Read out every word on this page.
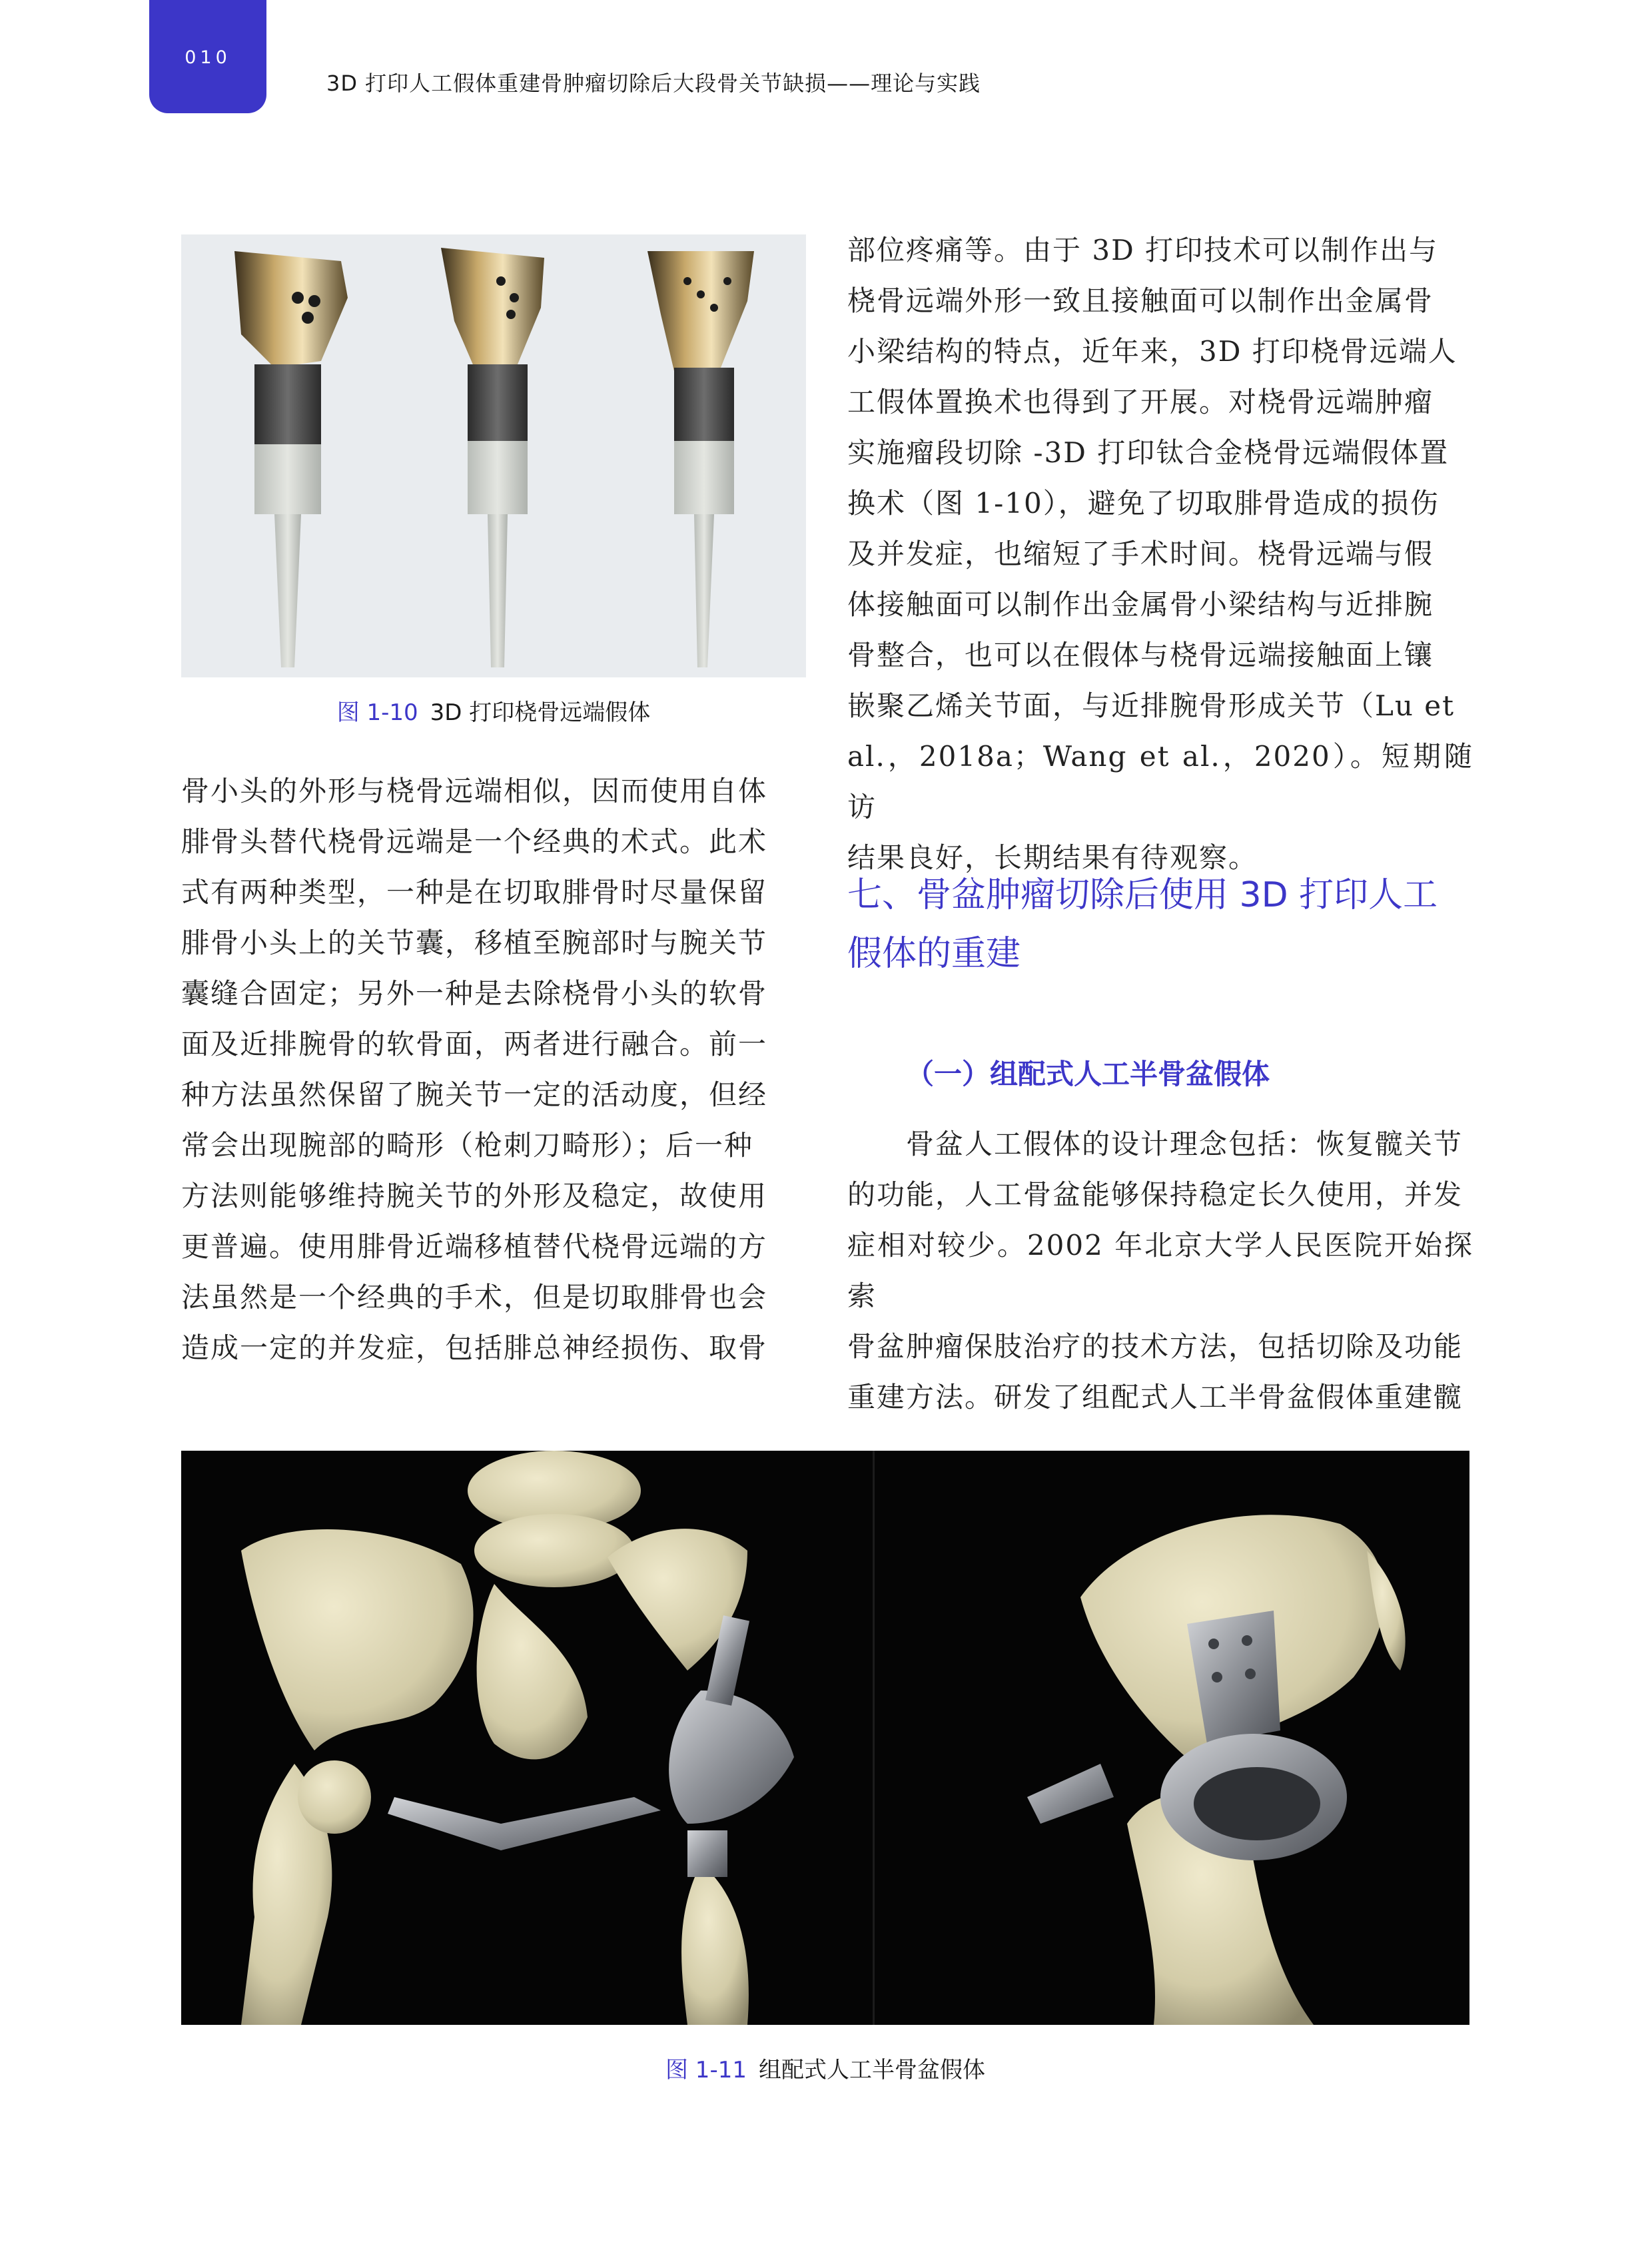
010
3D 打印人工假体重建骨肿瘤切除后大段骨关节缺损——理论与实践
图 1-10 3D 打印桡骨远端假体

骨小头的外形与桡骨远端相似，因而使用自体
腓骨头替代桡骨远端是一个经典的术式。此术
式有两种类型，一种是在切取腓骨时尽量保留
腓骨小头上的关节囊，移植至腕部时与腕关节
囊缝合固定；另外一种是去除桡骨小头的软骨
面及近排腕骨的软骨面，两者进行融合。前一
种方法虽然保留了腕关节一定的活动度，但经
常会出现腕部的畸形（枪刺刀畸形）；后一种
方法则能够维持腕关节的外形及稳定，故使用
更普遍。使用腓骨近端移植替代桡骨远端的方
法虽然是一个经典的手术，但是切取腓骨也会
造成一定的并发症，包括腓总神经损伤、取骨

部位疼痛等。由于 3D 打印技术可以制作出与
桡骨远端外形一致且接触面可以制作出金属骨
小梁结构的特点，近年来，3D 打印桡骨远端人
工假体置换术也得到了开展。对桡骨远端肿瘤
实施瘤段切除 -3D 打印钛合金桡骨远端假体置
换术（图 1-10），避免了切取腓骨造成的损伤
及并发症，也缩短了手术时间。桡骨远端与假
体接触面可以制作出金属骨小梁结构与近排腕
骨整合，也可以在假体与桡骨远端接触面上镶
嵌聚乙烯关节面，与近排腕骨形成关节（Lu et
al.，2018a；Wang et al.，2020）。短期随访
结果良好，长期结果有待观察。

七、骨盆肿瘤切除后使用 3D 打印人工
假体的重建
（一）组配式人工半骨盆假体

　　骨盆人工假体的设计理念包括：恢复髋关节
的功能，人工骨盆能够保持稳定长久使用，并发
症相对较少。2002 年北京大学人民医院开始探索
骨盆肿瘤保肢治疗的技术方法，包括切除及功能
重建方法。研发了组配式人工半骨盆假体重建髋

图 1-11 组配式人工半骨盆假体
